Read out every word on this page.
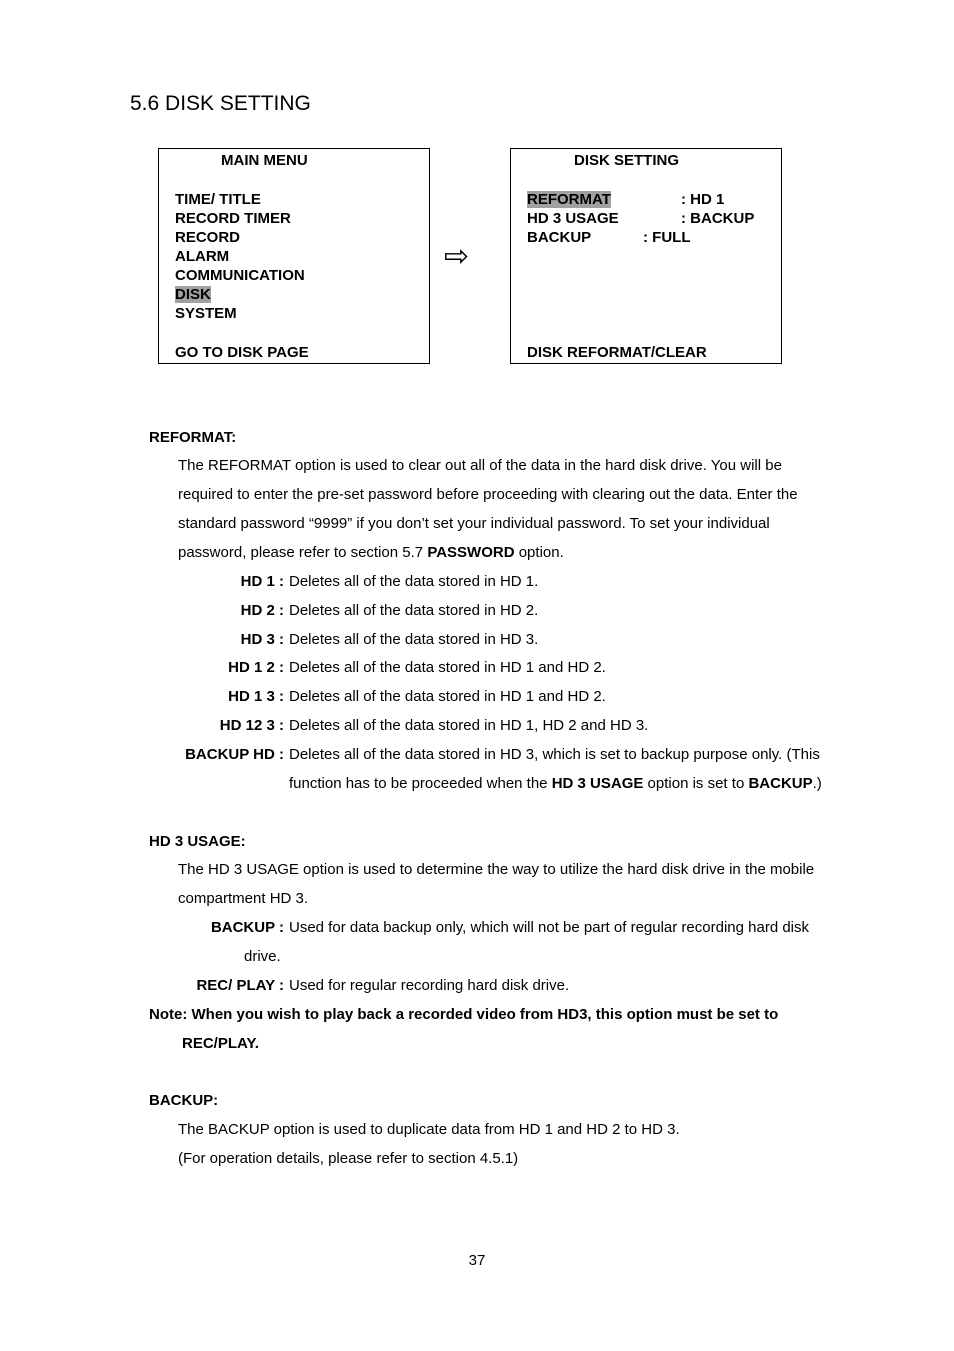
5.6 DISK SETTING
MAIN MENU
TIME/ TITLE
RECORD TIMER
RECORD
ALARM
COMMUNICATION
DISK
SYSTEM
GO TO DISK PAGE
⇨
DISK SETTING
REFORMAT	: HD 1
HD 3 USAGE	: BACKUP
BACKUP	: FULL
DISK REFORMAT/CLEAR
REFORMAT:
The REFORMAT option is used to clear out all of the data in the hard disk drive. You will be
required to enter the pre-set password before proceeding with clearing out the data. Enter the
standard password “9999” if you don’t set your individual password. To set your individual
password, please refer to section 5.7 PASSWORD option.
HD 1 : Deletes all of the data stored in HD 1.
HD 2 : Deletes all of the data stored in HD 2.
HD 3 : Deletes all of the data stored in HD 3.
HD 1 2 : Deletes all of the data stored in HD 1 and HD 2.
HD 1 3 : Deletes all of the data stored in HD 1 and HD 2.
HD 12 3 : Deletes all of the data stored in HD 1, HD 2 and HD 3.
BACKUP HD : Deletes all of the data stored in HD 3, which is set to backup purpose only. (This
function has to be proceeded when the HD 3 USAGE option is set to BACKUP.)
HD 3 USAGE:
The HD 3 USAGE option is used to determine the way to utilize the hard disk drive in the mobile
compartment HD 3.
BACKUP : Used for data backup only, which will not be part of regular recording hard disk
drive.
REC/ PLAY : Used for regular recording hard disk drive.
Note: When you wish to play back a recorded video from HD3, this option must be set to
REC/PLAY.
BACKUP:
The BACKUP option is used to duplicate data from HD 1 and HD 2 to HD 3.
(For operation details, please refer to section 4.5.1)
37
